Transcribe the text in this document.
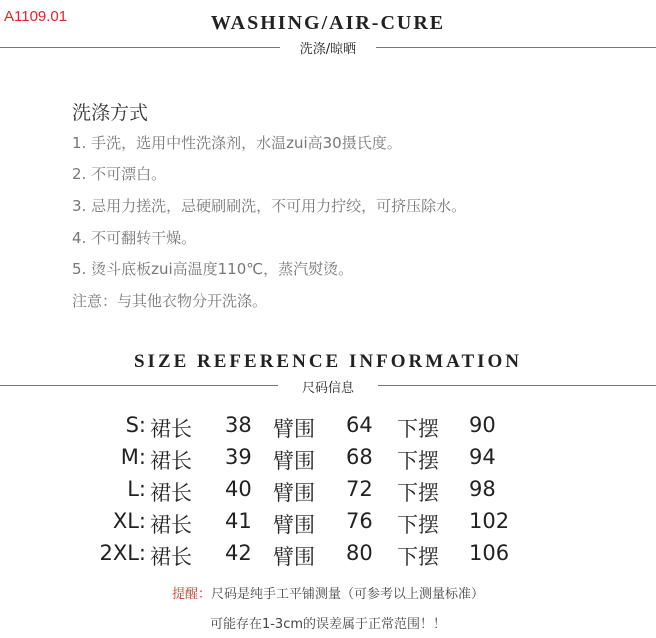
A1109.01	WASHING/AIR-CURE
洗涤/晾晒
洗涤方式
1. 手洗，选用中性洗涤剂，水温zui高30摄氏度。
2. 不可漂白。
3. 忌用力搓洗，忌硬刷刷洗，不可用力拧绞，可挤压除水。
4. 不可翻转干燥。
5. 烫斗底板zui高温度110℃，蒸汽熨烫。
注意：与其他衣物分开洗涤。
SIZE REFERENCE INFORMATION
尺码信息
S: 裙长 38 臂围 64 下摆 90
M: 裙长 39 臂围 68 下摆 94
L: 裙长 40 臂围 72 下摆 98
XL: 裙长 41 臂围 76 下摆 102
2XL: 裙长 42 臂围 80 下摆 106
提醒：尺码是纯手工平铺测量（可参考以上测量标准）
可能存在1-3cm的误差属于正常范围！！
